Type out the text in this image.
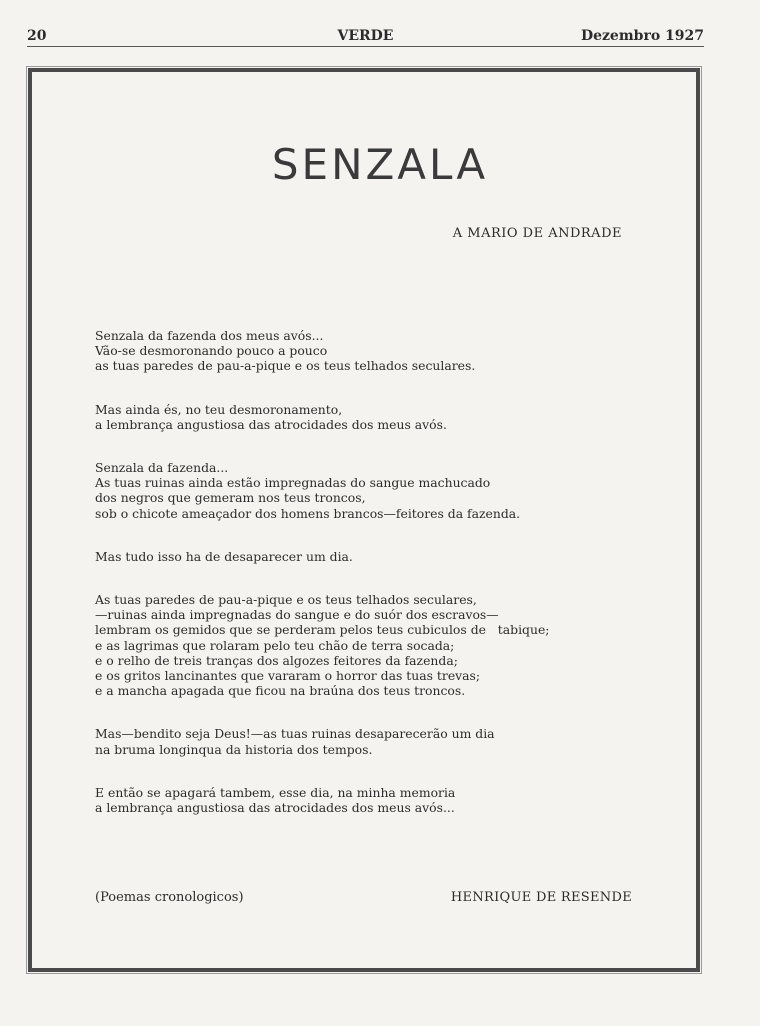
20	VERDE	Dezembro 1927
SENZALA
A MARIO DE ANDRADE

Senzala da fazenda dos meus avós...

Vão-se desmoronando pouco a pouco

as tuas paredes de pau-a-pique e os teus telhados seculares.

Mas ainda és, no teu desmoronamento,

a lembrança angustiosa das atrocidades dos meus avós.

Senzala da fazenda...

As tuas ruinas ainda estão impregnadas do sangue machucado

dos negros que gemeram nos teus troncos,

sob o chicote ameaçador dos homens brancos—feitores da fazenda.

Mas tudo isso ha de desaparecer um dia.

As tuas paredes de pau-a-pique e os teus telhados seculares,

—ruinas ainda impregnadas do sangue e do suór dos escravos—

lembram os gemidos que se perderam pelos teus cubiculos de   tabique;

e as lagrimas que rolaram pelo teu chão de terra socada;

e o relho de treis tranças dos algozes feitores da fazenda;

e os gritos lancinantes que vararam o horror das tuas trevas;

e a mancha apagada que ficou na braúna dos teus troncos.

Mas—bendito seja Deus!—as tuas ruinas desaparecerão um dia

na bruma longinqua da historia dos tempos.

E então se apagará tambem, esse dia, na minha memoria

a lembrança angustiosa das atrocidades dos meus avós...

(Poemas cronologicos)	HENRIQUE DE RESENDE
